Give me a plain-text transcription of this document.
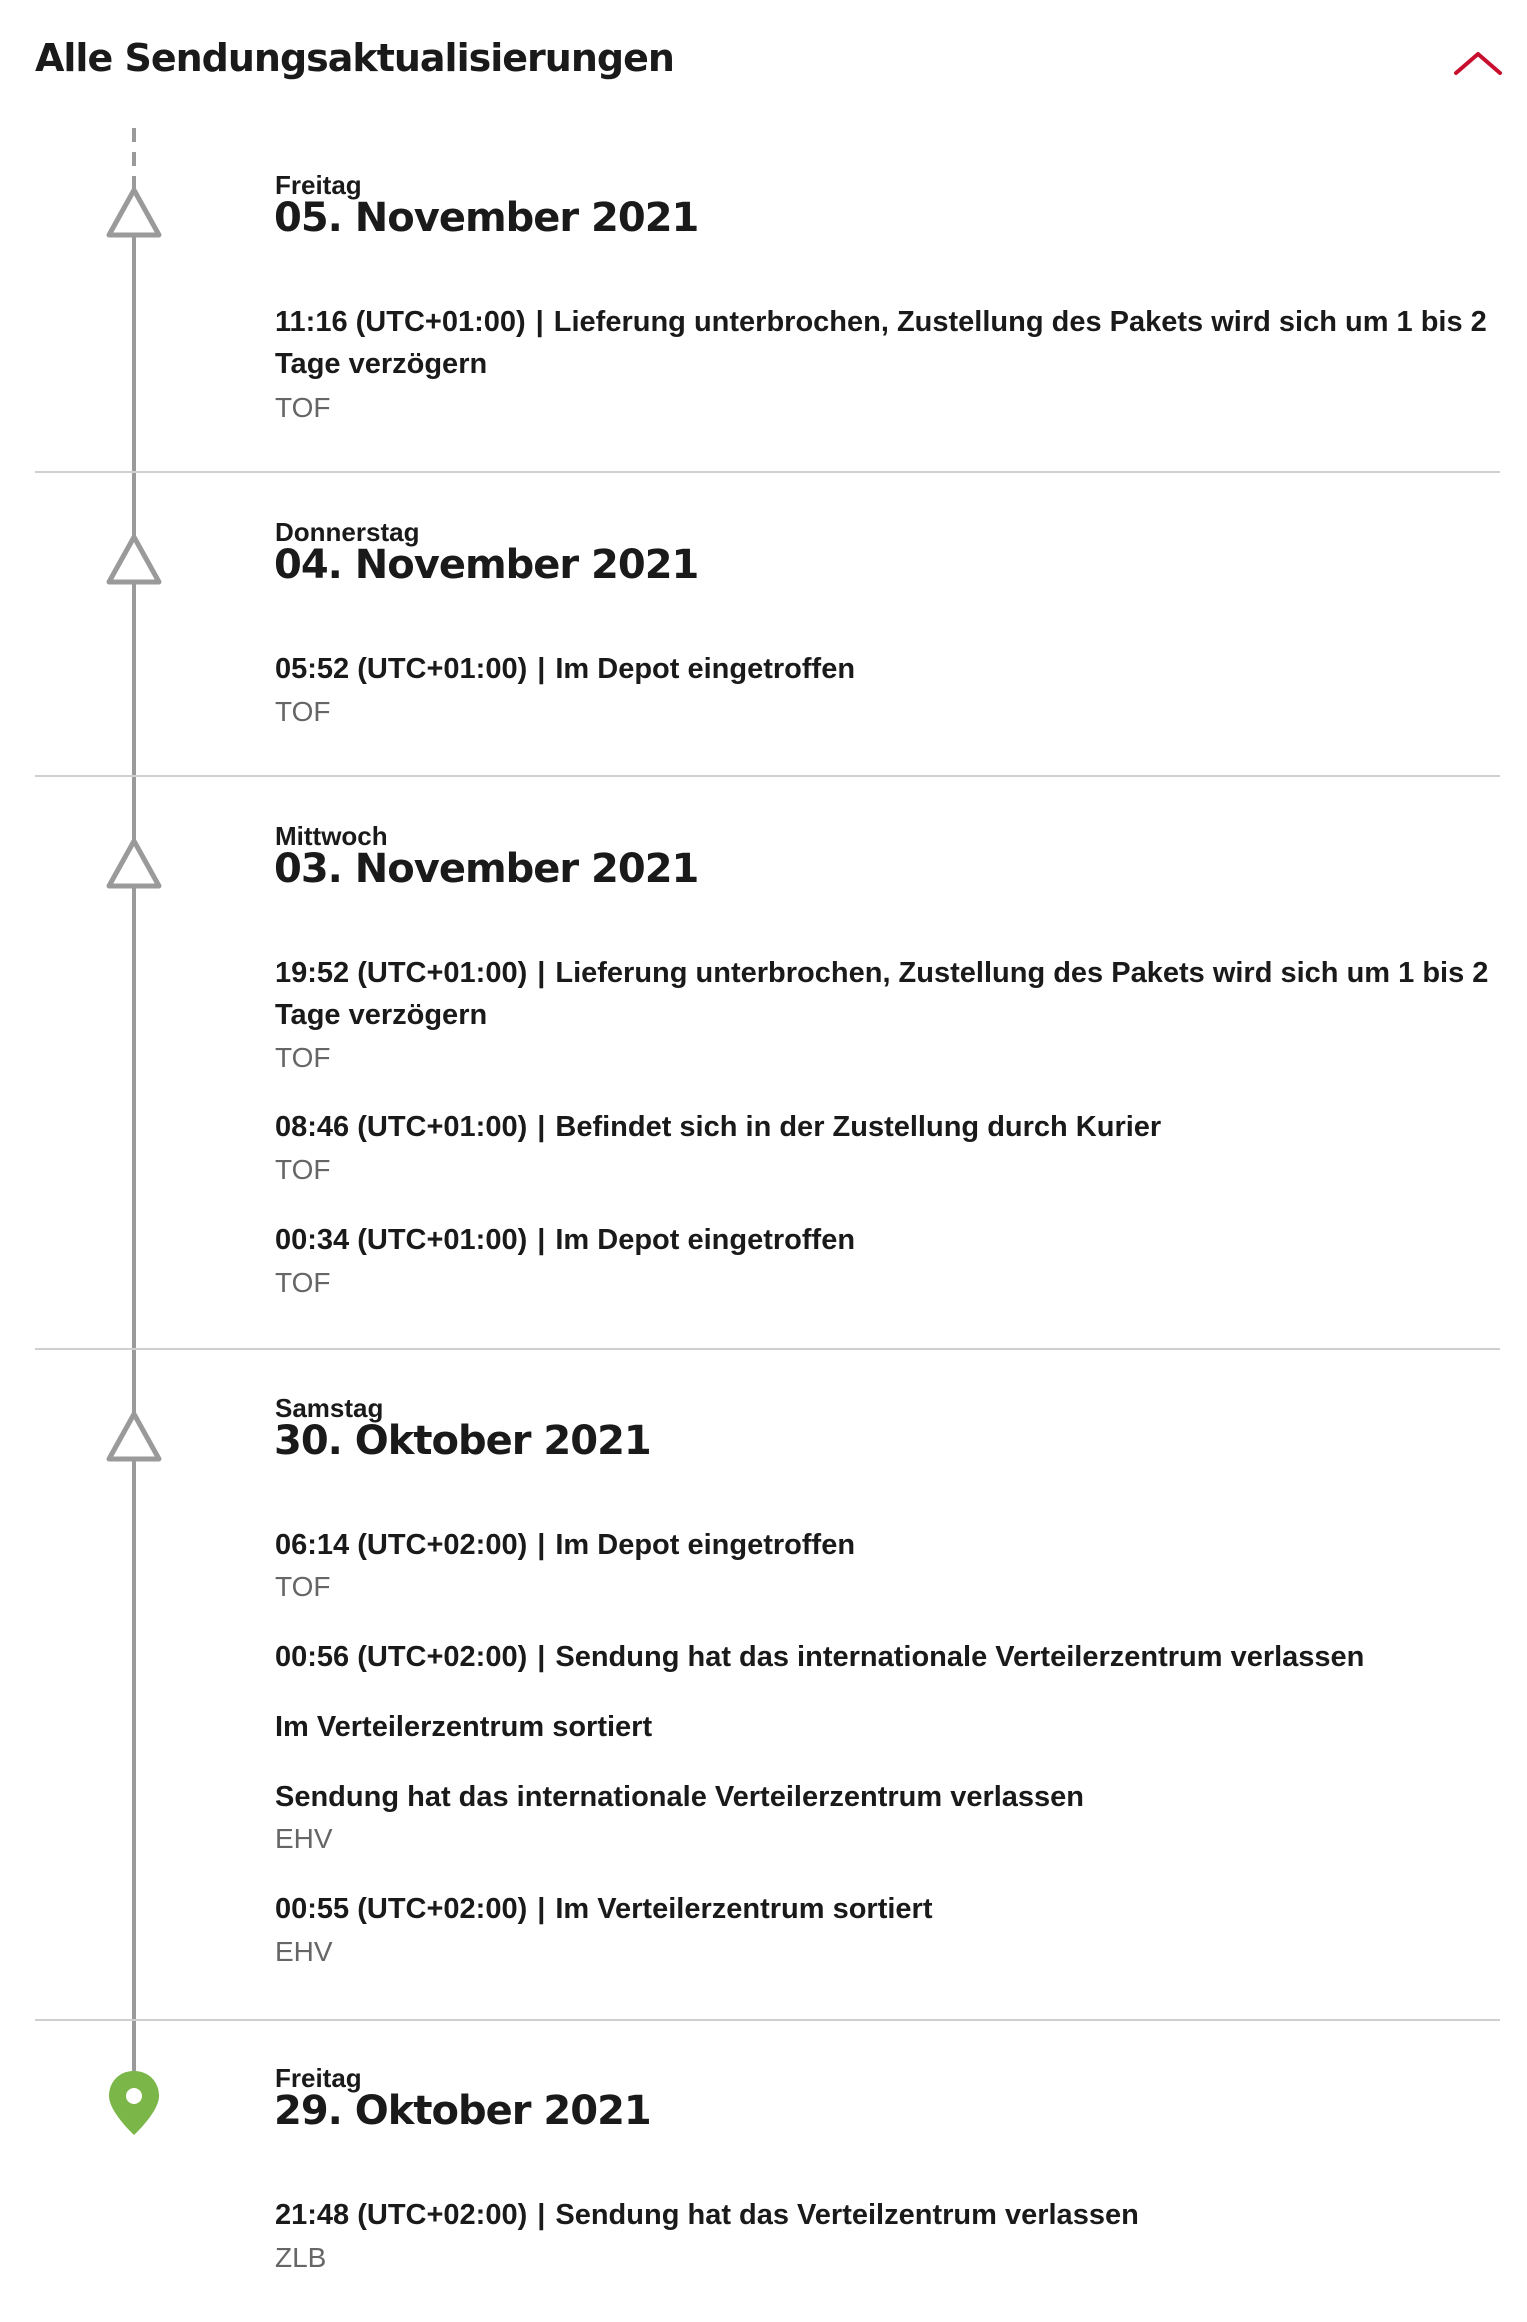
Alle Sendungsaktualisierungen
Freitag
05. November 2021
11:16 (UTC+01:00) | Lieferung unterbrochen, Zustellung des Pakets wird sich um 1 bis 2 Tage verzögern
TOF
Donnerstag
04. November 2021
05:52 (UTC+01:00) | Im Depot eingetroffen
TOF
Mittwoch
03. November 2021
19:52 (UTC+01:00) | Lieferung unterbrochen, Zustellung des Pakets wird sich um 1 bis 2 Tage verzögern
TOF
08:46 (UTC+01:00) | Befindet sich in der Zustellung durch Kurier
TOF
00:34 (UTC+01:00) | Im Depot eingetroffen
TOF
Samstag
30. Oktober 2021
06:14 (UTC+02:00) | Im Depot eingetroffen
TOF
00:56 (UTC+02:00) | Sendung hat das internationale Verteilerzentrum verlassen
Im Verteilerzentrum sortiert
Sendung hat das internationale Verteilerzentrum verlassen
EHV
00:55 (UTC+02:00) | Im Verteilerzentrum sortiert
EHV
Freitag
29. Oktober 2021
21:48 (UTC+02:00) | Sendung hat das Verteilzentrum verlassen
ZLB
